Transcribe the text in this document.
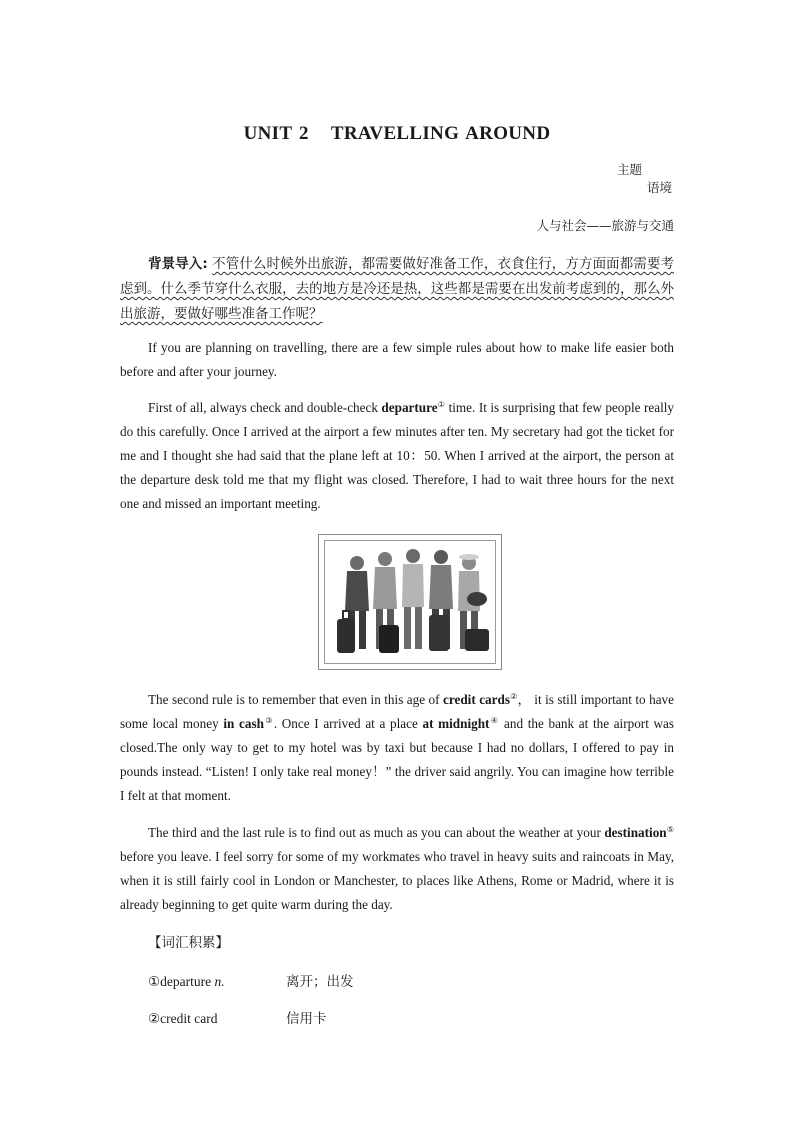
UNIT 2 TRAVELLING AROUND
主题
语境
人与社会——旅游与交通
背景导入: 不管什么时候外出旅游，都需要做好准备工作，衣食住行，方方面面都需要考虑到。什么季节穿什么衣服，去的地方是冷还是热，这些都是需要在出发前考虑到的，那么外出旅游，要做好哪些准备工作呢？
If you are planning on travelling, there are a few simple rules about how to make life easier both before and after your journey.
First of all, always check and double-check departure① time. It is surprising that few people really do this carefully. Once I arrived at the airport a few minutes after ten. My secretary had got the ticket for me and I thought she had said that the plane left at 10：50. When I arrived at the airport, the person at the departure desk told me that my flight was closed. Therefore, I had to wait three hours for the next one and missed an important meeting.
The second rule is to remember that even in this age of credit cards②， it is still important to have some local money in cash③. Once I arrived at a place at midnight④ and the bank at the airport was closed.The only way to get to my hotel was by taxi but because I had no dollars, I offered to pay in pounds instead. “Listen! I only take real money！” the driver said angrily. You can imagine how terrible I felt at that moment.
The third and the last rule is to find out as much as you can about the weather at your destination⑤ before you leave. I feel sorry for some of my workmates who travel in heavy suits and raincoats in May, when it is still fairly cool in London or Manchester, to places like Athens, Rome or Madrid, where it is already beginning to get quite warm during the day.
【词汇积累】
①departure n.	离开；出发
②credit card	信用卡
